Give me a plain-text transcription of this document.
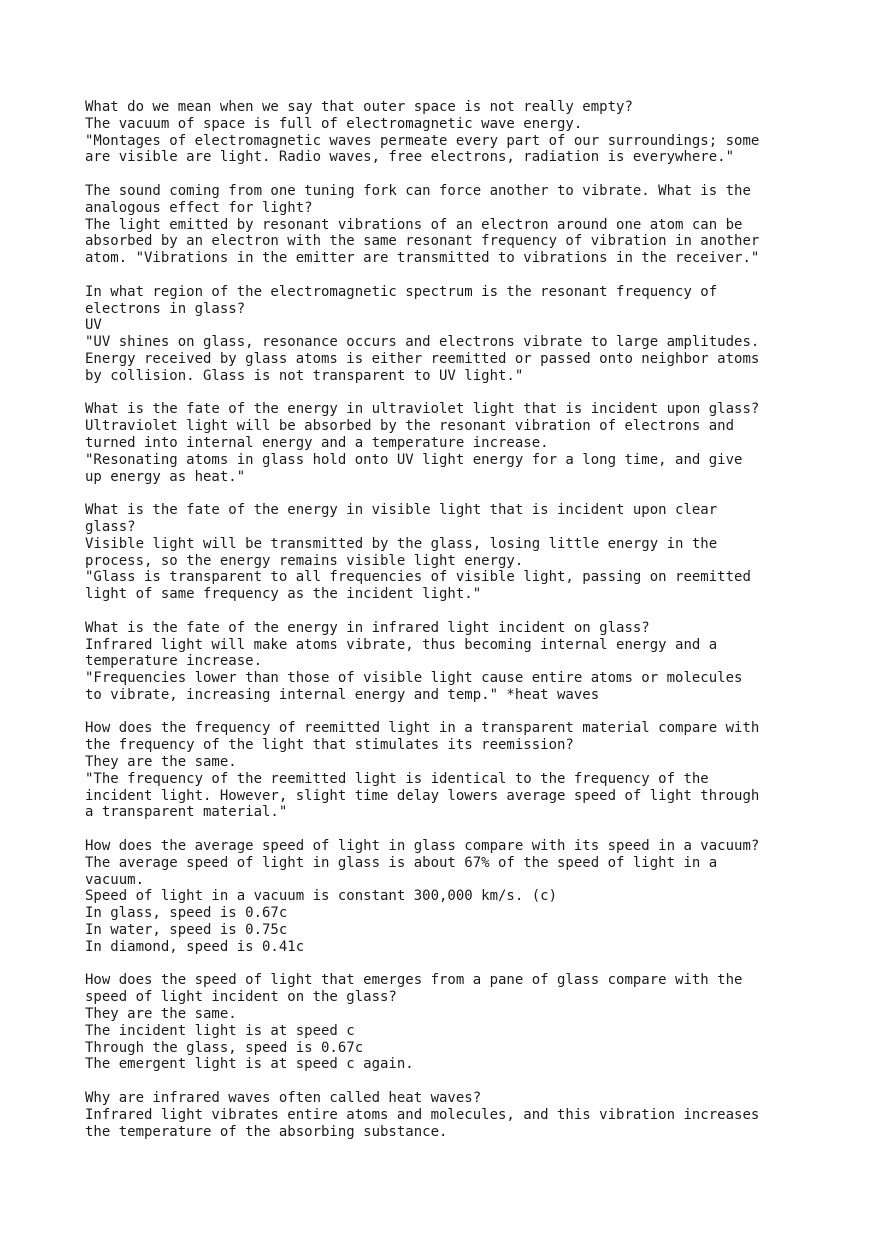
What do we mean when we say that outer space is not really empty?
The vacuum of space is full of electromagnetic wave energy.
"Montages of electromagnetic waves permeate every part of our surroundings; some
are visible are light. Radio waves, free electrons, radiation is everywhere."
The sound coming from one tuning fork can force another to vibrate. What is the
analogous effect for light?
The light emitted by resonant vibrations of an electron around one atom can be
absorbed by an electron with the same resonant frequency of vibration in another
atom. "Vibrations in the emitter are transmitted to vibrations in the receiver."
In what region of the electromagnetic spectrum is the resonant frequency of
electrons in glass?
UV
"UV shines on glass, resonance occurs and electrons vibrate to large amplitudes.
Energy received by glass atoms is either reemitted or passed onto neighbor atoms
by collision. Glass is not transparent to UV light."
What is the fate of the energy in ultraviolet light that is incident upon glass?
Ultraviolet light will be absorbed by the resonant vibration of electrons and
turned into internal energy and a temperature increase.
"Resonating atoms in glass hold onto UV light energy for a long time, and give
up energy as heat."
What is the fate of the energy in visible light that is incident upon clear
glass?
Visible light will be transmitted by the glass, losing little energy in the
process, so the energy remains visible light energy.
"Glass is transparent to all frequencies of visible light, passing on reemitted
light of same frequency as the incident light."
What is the fate of the energy in infrared light incident on glass?
Infrared light will make atoms vibrate, thus becoming internal energy and a
temperature increase.
"Frequencies lower than those of visible light cause entire atoms or molecules
to vibrate, increasing internal energy and temp." *heat waves
How does the frequency of reemitted light in a transparent material compare with
the frequency of the light that stimulates its reemission?
They are the same.
"The frequency of the reemitted light is identical to the frequency of the
incident light. However, slight time delay lowers average speed of light through
a transparent material."
How does the average speed of light in glass compare with its speed in a vacuum?
The average speed of light in glass is about 67% of the speed of light in a
vacuum.
Speed of light in a vacuum is constant 300,000 km/s. (c)
In glass, speed is 0.67c
In water, speed is 0.75c
In diamond, speed is 0.41c
How does the speed of light that emerges from a pane of glass compare with the
speed of light incident on the glass?
They are the same.
The incident light is at speed c
Through the glass, speed is 0.67c
The emergent light is at speed c again.
Why are infrared waves often called heat waves?
Infrared light vibrates entire atoms and molecules, and this vibration increases
the temperature of the absorbing substance.
